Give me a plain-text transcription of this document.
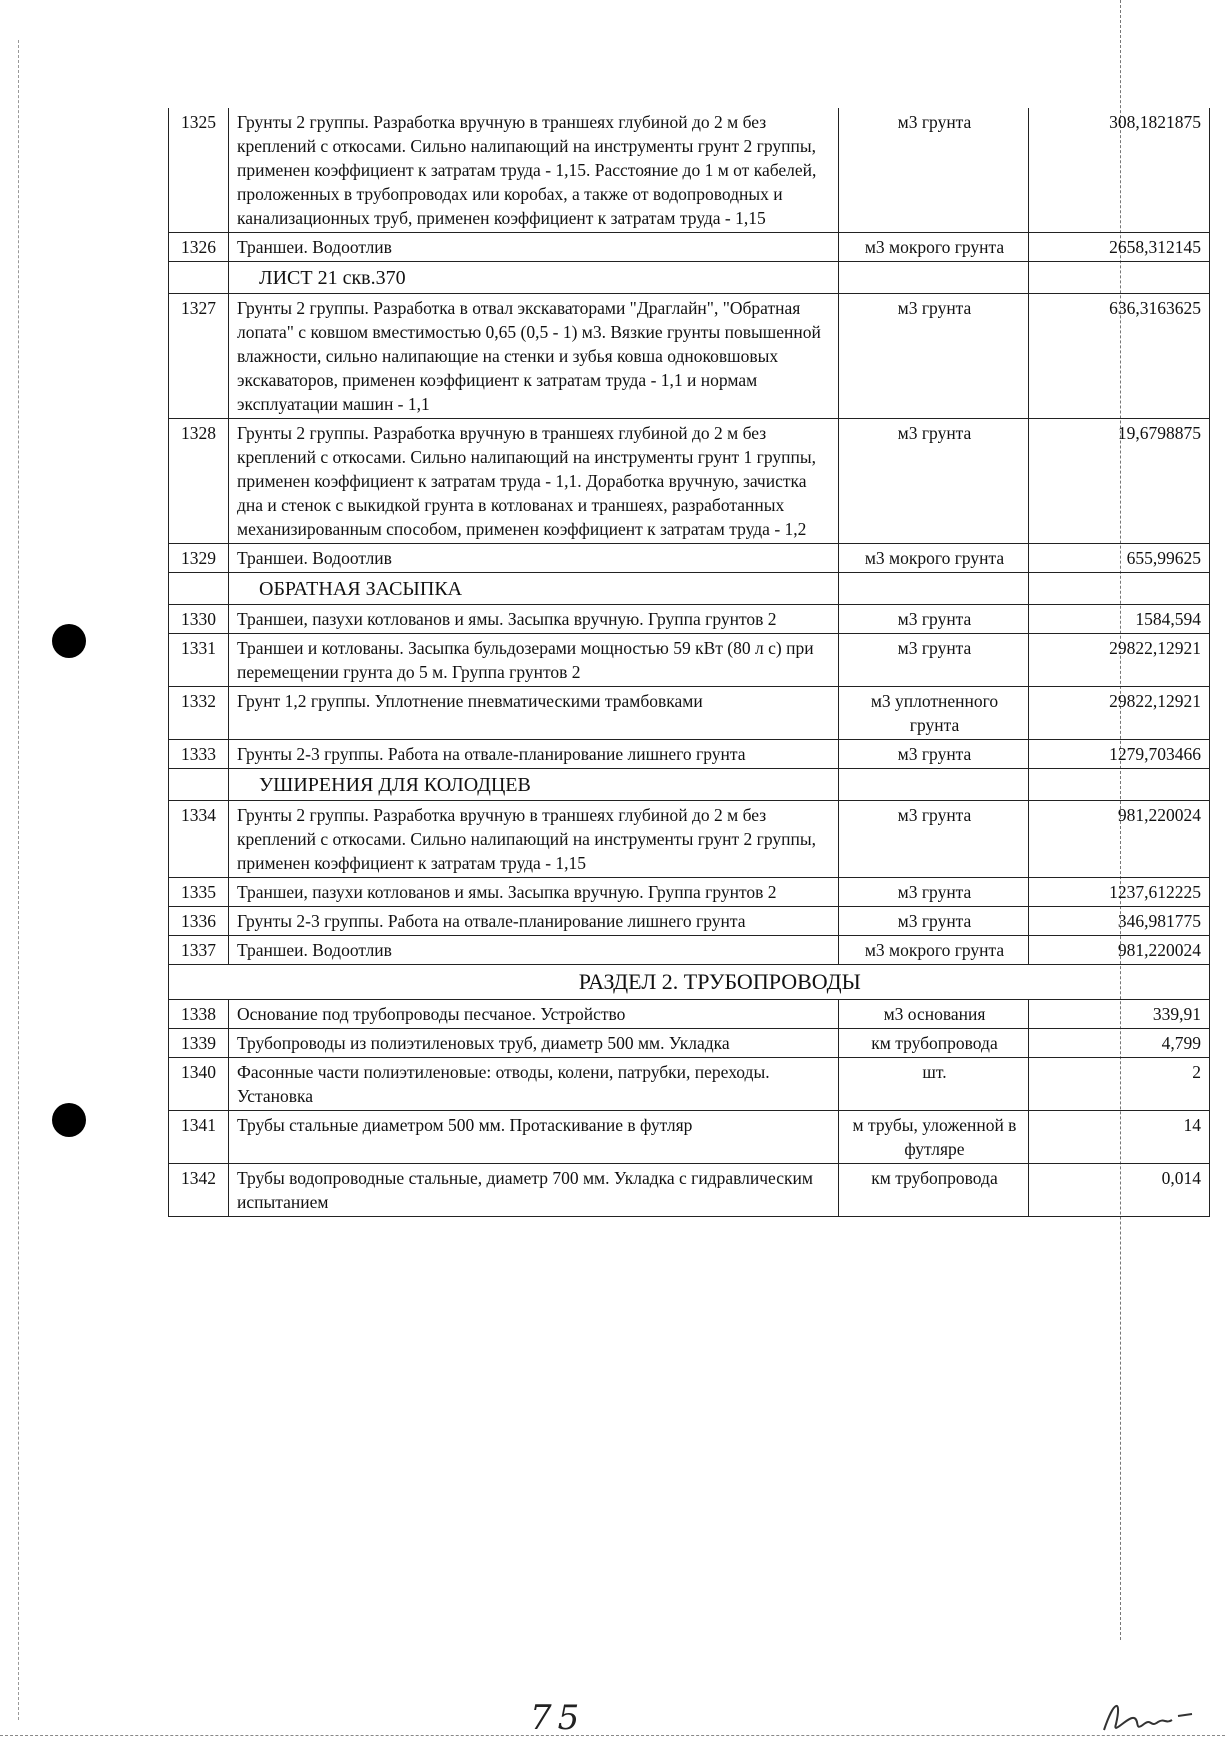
1325	Грунты 2 группы. Разработка вручную в траншеях глубиной до 2 м без креплений с откосами. Сильно налипающий на инструменты грунт 2 группы, применен коэффициент к затратам труда - 1,15. Расстояние до 1 м от кабелей, проложенных в трубопроводах или коробах, а также от водопроводных и канализационных труб, применен коэффициент к затратам труда - 1,15	м3 грунта	308,1821875
1326	Траншеи. Водоотлив	м3 мокрого грунта	2658,312145
	ЛИСТ 21 скв.370		
1327	Грунты 2 группы. Разработка в отвал экскаваторами "Драглайн", "Обратная лопата" с ковшом вместимостью 0,65 (0,5 - 1) м3. Вязкие грунты повышенной влажности, сильно налипающие на стенки и зубья ковша одноковшовых экскаваторов, применен коэффициент к затратам труда - 1,1 и нормам эксплуатации машин - 1,1	м3 грунта	636,3163625
1328	Грунты 2 группы. Разработка вручную в траншеях глубиной до 2 м без креплений с откосами. Сильно налипающий на инструменты грунт 1 группы, применен коэффициент к затратам труда - 1,1. Доработка вручную, зачистка дна и стенок с выкидкой грунта в котлованах и траншеях, разработанных механизированным способом, применен коэффициент к затратам труда - 1,2	м3 грунта	19,6798875
1329	Траншеи. Водоотлив	м3 мокрого грунта	655,99625
	ОБРАТНАЯ ЗАСЫПКА		
1330	Траншеи, пазухи котлованов и ямы. Засыпка вручную. Группа грунтов 2	м3 грунта	1584,594
1331	Траншеи и котлованы. Засыпка бульдозерами мощностью 59 кВт (80 л с) при перемещении грунта до 5 м. Группа грунтов 2	м3 грунта	29822,12921
1332	Грунт 1,2 группы. Уплотнение пневматическими трамбовками	м3 уплотненного грунта	29822,12921
1333	Грунты 2-3 группы. Работа на отвале-планирование лишнего грунта	м3 грунта	1279,703466
	УШИРЕНИЯ ДЛЯ КОЛОДЦЕВ		
1334	Грунты 2 группы. Разработка вручную в траншеях глубиной до 2 м без креплений с откосами. Сильно налипающий на инструменты грунт 2 группы, применен коэффициент к затратам труда - 1,15	м3 грунта	981,220024
1335	Траншеи, пазухи котлованов и ямы. Засыпка вручную. Группа грунтов 2	м3 грунта	1237,612225
1336	Грунты 2-3 группы. Работа на отвале-планирование лишнего грунта	м3 грунта	346,981775
1337	Траншеи. Водоотлив	м3 мокрого грунта	981,220024
	РАЗДЕЛ 2. ТРУБОПРОВОДЫ		
1338	Основание под трубопроводы песчаное. Устройство	м3 основания	339,91
1339	Трубопроводы из полиэтиленовых труб, диаметр 500 мм. Укладка	км трубопровода	4,799
1340	Фасонные части полиэтиленовые: отводы, колени, патрубки, переходы. Установка	шт.	2
1341	Трубы стальные диаметром 500 мм. Протаскивание в футляр	м трубы, уложенной в футляре	14
1342	Трубы водопроводные стальные, диаметр 700 мм. Укладка с гидравлическим испытанием	км трубопровода	0,014
75
